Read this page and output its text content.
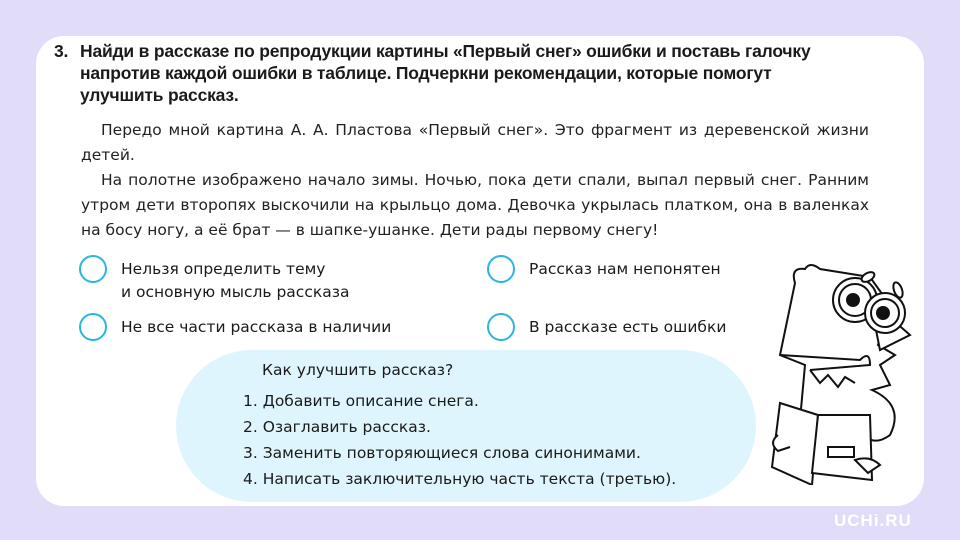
3. Найди в рассказе по репродукции картины «Первый снег» ошибки и поставь галочку напротив каждой ошибки в таблице. Подчеркни рекомендации, которые помогут улучшить рассказ.

Передо мной картина А. А. Пластова «Первый снег». Это фрагмент из деревенской жизни детей.

На полотне изображено начало зимы. Ночью, пока дети спали, выпал первый снег. Ранним утром дети второпях выскочили на крыльцо дома. Девочка укрылась платком, она в валенках на босу ногу, а её брат — в шапке-ушанке. Дети рады первому снегу!

Нельзя определить тему
и основную мысль рассказа
Рассказ нам непонятен
Не все части рассказа в наличии	В рассказе есть ошибки
Как улучшить рассказ?
1. Добавить описание снега.
2. Озаглавить рассказ.
3. Заменить повторяющиеся слова синонимами.
4. Написать заключительную часть текста (третью).
UCHi.RU
